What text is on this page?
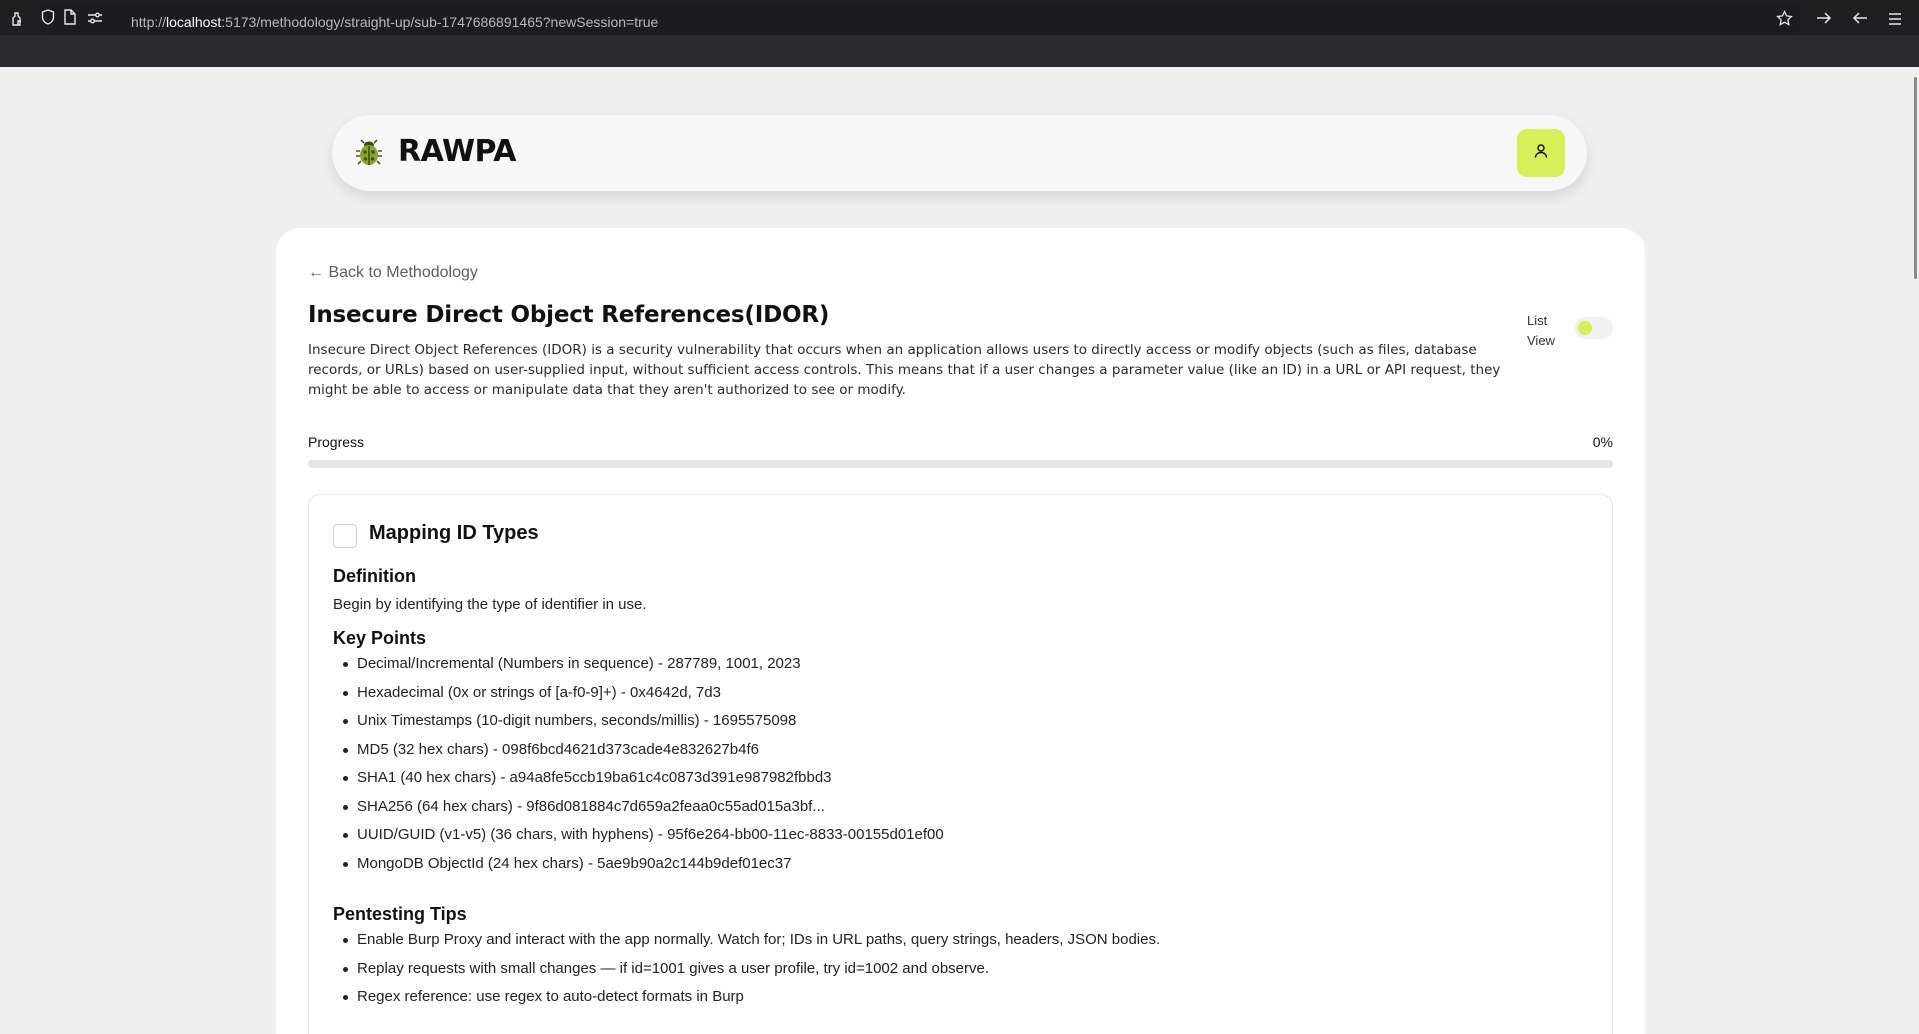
http://localhost:5173/methodology/straight-up/sub-1747686891465?newSession=true
RAWPA
← Back to Methodology
Insecure Direct Object References(IDOR)

Insecure Direct Object References (IDOR) is a security vulnerability that occurs when an application allows users to directly access or modify objects (such as files, database records, or URLs) based on user-supplied input, without sufficient access controls. This means that if a user changes a parameter value (like an ID) in a URL or API request, they might be able to access or manipulate data that they aren't authorized to see or modify.

List View
Progress	0%
Mapping ID Types
Definition

Begin by identifying the type of identifier in use.

Key Points
Decimal/Incremental (Numbers in sequence) - 287789, 1001, 2023
Hexadecimal (0x or strings of [a-f0-9]+) - 0x4642d, 7d3
Unix Timestamps (10-digit numbers, seconds/millis) - 1695575098
MD5 (32 hex chars) - 098f6bcd4621d373cade4e832627b4f6
SHA1 (40 hex chars) - a94a8fe5ccb19ba61c4c0873d391e987982fbbd3
SHA256 (64 hex chars) - 9f86d081884c7d659a2feaa0c55ad015a3bf...
UUID/GUID (v1-v5) (36 chars, with hyphens) - 95f6e264-bb00-11ec-8833-00155d01ef00
MongoDB ObjectId (24 hex chars) - 5ae9b90a2c144b9def01ec37
Pentesting Tips
Enable Burp Proxy and interact with the app normally. Watch for; IDs in URL paths, query strings, headers, JSON bodies.
Replay requests with small changes — if id=1001 gives a user profile, try id=1002 and observe.
Regex reference: use regex to auto-detect formats in Burp
